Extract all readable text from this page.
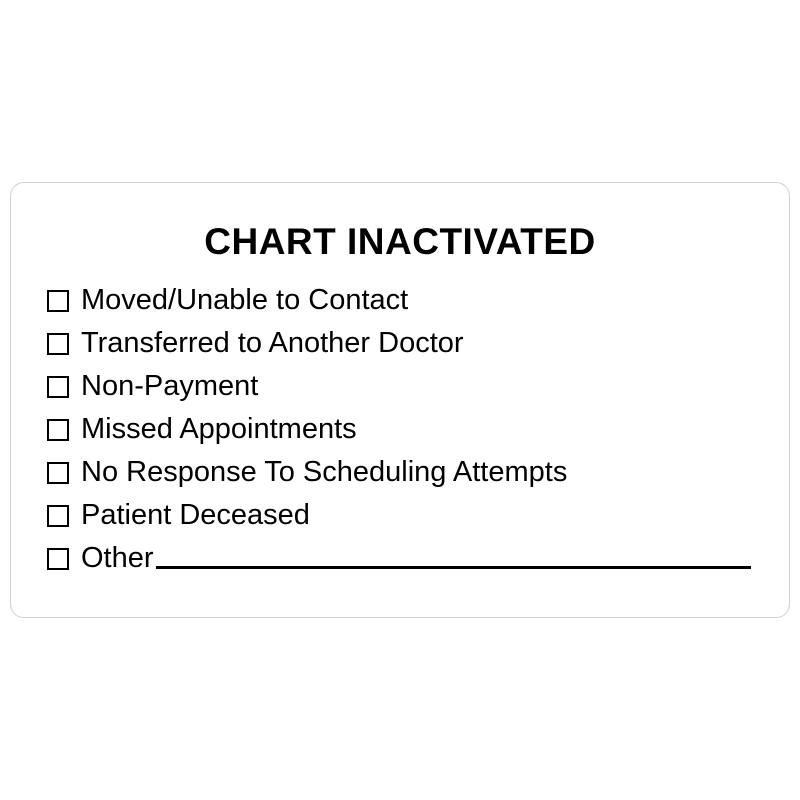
CHART INACTIVATED
Moved/Unable to Contact
Transferred to Another Doctor
Non-Payment
Missed Appointments
No Response To Scheduling Attempts
Patient Deceased
Other
